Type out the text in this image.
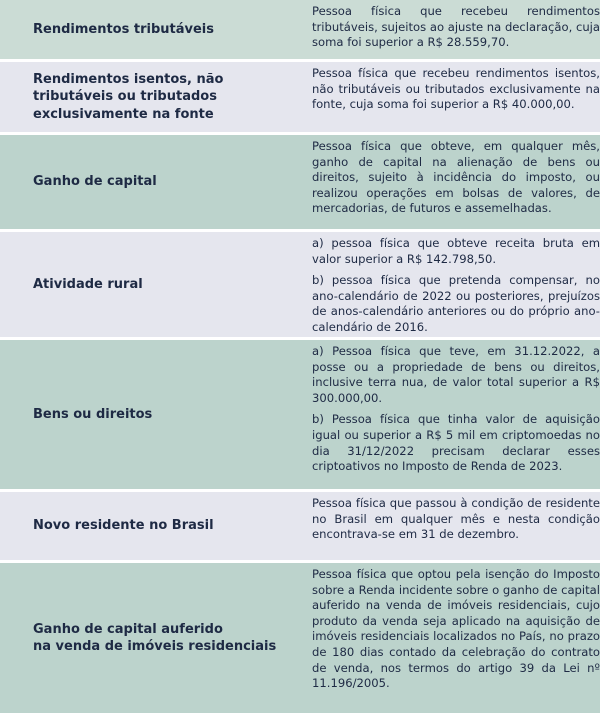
Rendimentos tributáveis

Pessoa física que recebeu rendimentos tributáveis, sujeitos ao ajuste na declaração, cuja soma foi superior a R$ 28.559,70.

Rendimentos isentos, não tributáveis ou tributados exclusivamente na fonte

Pessoa física que recebeu rendimentos isentos, não tributáveis ou tributados exclusivamente na fonte, cuja soma foi superior a R$ 40.000,00.

Ganho de capital

Pessoa física que obteve, em qualquer mês, ganho de capital na alienação de bens ou direitos, sujeito à incidência do imposto, ou realizou operações em bolsas de valores, de mercadorias, de futuros e assemelhadas.

Atividade rural

a) pessoa física que obteve receita bruta em valor superior a R$ 142.798,50.

b) pessoa física que pretenda compensar, no ano-calendário de 2022 ou posteriores, prejuízos de anos-calendário anteriores ou do próprio ano-calendário de 2016.

Bens ou direitos

a) Pessoa física que teve, em 31.12.2022, a posse ou a propriedade de bens ou direitos, inclusive terra nua, de valor total superior a R$ 300.000,00.

b) Pessoa física que tinha valor de aquisição igual ou superior a R$ 5 mil em criptomoedas no dia 31/12/2022 precisam declarar esses criptoativos no Imposto de Renda de 2023.

Novo residente no Brasil

Pessoa física que passou à condição de residente no Brasil em qualquer mês e nesta condição encontrava-se em 31 de dezembro.

Ganho de capital auferido
na venda de imóveis residenciais

Pessoa física que optou pela isenção do Imposto sobre a Renda incidente sobre o ganho de capital auferido na venda de imóveis residenciais, cujo produto da venda seja aplicado na aquisição de imóveis residenciais localizados no País, no prazo de 180 dias contado da celebração do contrato de venda, nos termos do artigo 39 da Lei nº 11.196/2005.
